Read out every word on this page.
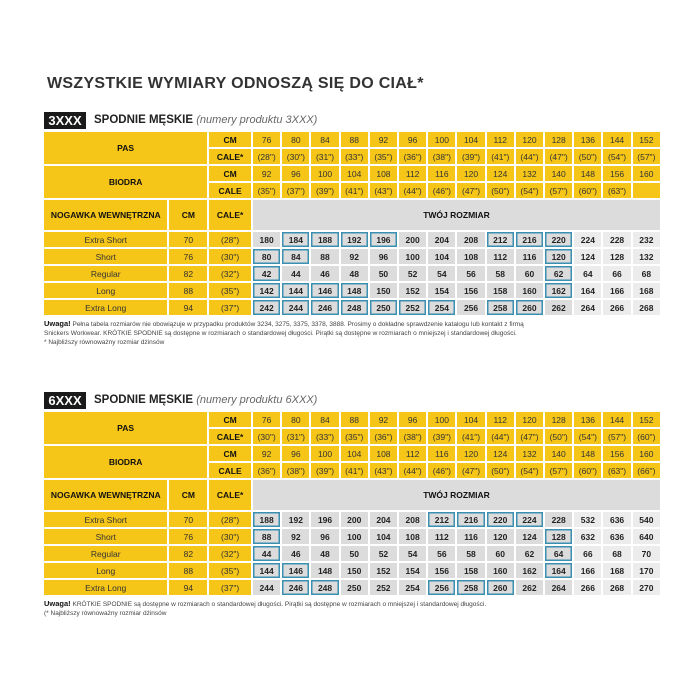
WSZYSTKIE WYMIARY ODNOSZĄ SIĘ DO CIAŁ*
3XXX	SPODNIE MĘSKIE (numery produktu 3XXX)
PAS		CM	76	80	84	88	92	96	100	104	112	120	128	136	144	152
		CALE*	(28")	(30")	(31")	(33")	(35")	(36")	(38")	(39")	(41")	(44")	(47")	(50")	(54")	(57")
BIODRA		CM	92	96	100	104	108	112	116	120	124	132	140	148	156	160
		CALE	(35")	(37")	(39")	(41")	(43")	(44")	(46")	(47")	(50")	(54")	(57")	(60")	(63")	
NOGAWKA WEWNĘTRZNA	CM	CALE*	TWÓJ ROZMIAR													
Extra Short	70	(28")	180	184	188	192	196	200	204	208	212	216	220	224	228	232
Short	76	(30")	80	84	88	92	96	100	104	108	112	116	120	124	128	132
Regular	82	(32")	42	44	46	48	50	52	54	56	58	60	62	64	66	68
Long	88	(35")	142	144	146	148	150	152	154	156	158	160	162	164	166	168
Extra Long	94	(37")	242	244	246	248	250	252	254	256	258	260	262	264	266	268
Uwaga! Pełna tabela rozmiarów nie obowiązuje w przypadku produktów 3234, 3275, 3375, 3378, 3888. Prosimy o dokładne sprawdzenie katalogu lub kontakt z firmą
Snickers Workwear. KRÓTKIE SPODNIE są dostępne w rozmiarach o standardowej długości. Pirątki są dostępne w rozmiarach o mniejszej i standardowej długości.
* Najbliższy równoważny rozmiar dżinsów
6XXX	SPODNIE MĘSKIE (numery produktu 6XXX)
PAS		CM	76	80	84	88	92	96	100	104	112	120	128	136	144	152
		CALE*	(30")	(31")	(33")	(35")	(36")	(38")	(39")	(41")	(44")	(47")	(50")	(54")	(57")	(60")
BIODRA		CM	92	96	100	104	108	112	116	120	124	132	140	148	156	160
		CALE	(36")	(38")	(39")	(41")	(43")	(44")	(46")	(47")	(50")	(54")	(57")	(60")	(63")	(66")
NOGAWKA WEWNĘTRZNA	CM	CALE*	TWÓJ ROZMIAR													
Extra Short	70	(28")	188	192	196	200	204	208	212	216	220	224	228	532	636	540
Short	76	(30")	88	92	96	100	104	108	112	116	120	124	128	632	636	640
Regular	82	(32")	44	46	48	50	52	54	56	58	60	62	64	66	68	70
Long	88	(35")	144	146	148	150	152	154	156	158	160	162	164	166	168	170
Extra Long	94	(37")	244	246	248	250	252	254	256	258	260	262	264	266	268	270
Uwaga! KRÓTKIE SPODNIE są dostępne w rozmiarach o standardowej długości. Pirątki są dostępne w rozmiarach o mniejszej i standardowej długości.
(* Najbliższy równoważny rozmiar dżinsów
